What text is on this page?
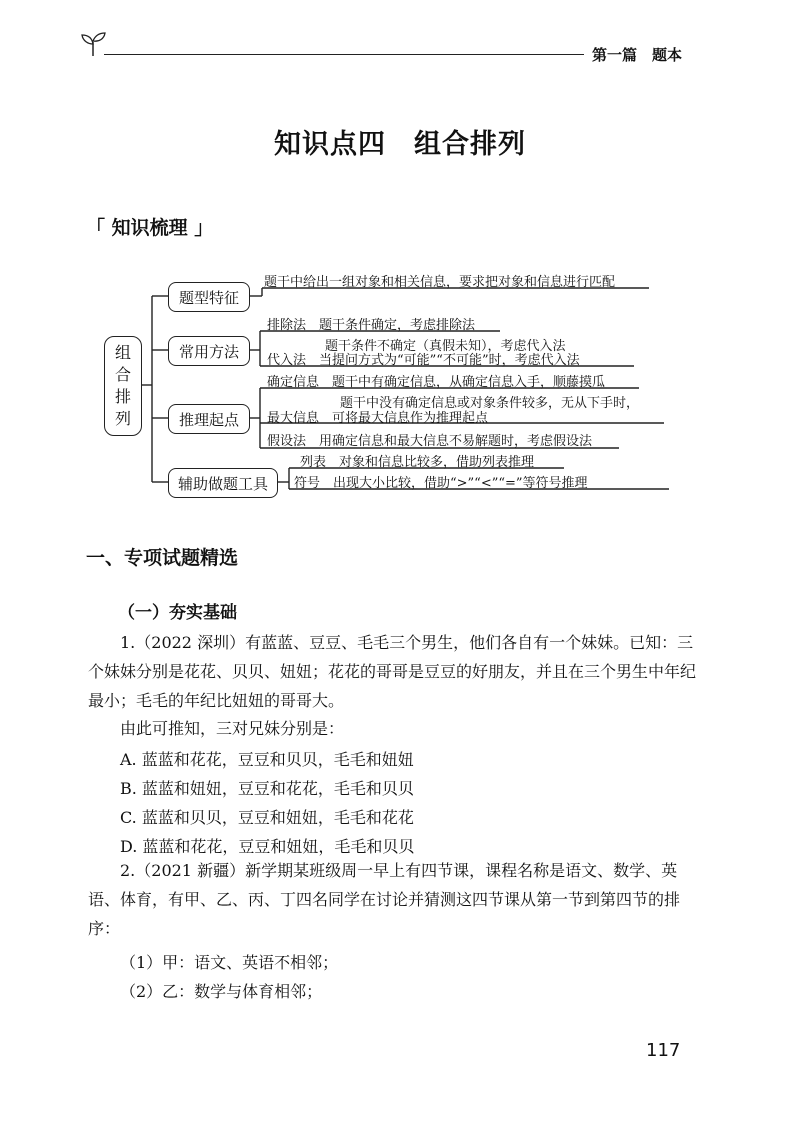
第一篇　题本
知识点四　组合排列
「 知识梳理 」
组
合
排
列
题型特征
常用方法
推理起点
辅助做题工具
题干中给出一组对象和相关信息，要求把对象和信息进行匹配
排除法　题干条件确定，考虑排除法
题干条件不确定（真假未知），考虑代入法
代入法　当提问方式为“可能”“不可能”时，考虑代入法
确定信息　题干中有确定信息，从确定信息入手，顺藤摸瓜
题干中没有确定信息或对象条件较多，无从下手时，
最大信息　可将最大信息作为推理起点
假设法　用确定信息和最大信息不易解题时，考虑假设法
列表　对象和信息比较多，借助列表推理
符号　出现大小比较，借助“>”“<”“=”等符号推理
一、专项试题精选
（一）夯实基础
1.（2022 深圳）有蓝蓝、豆豆、毛毛三个男生，他们各自有一个妹妹。已知：三个妹妹分别是花花、贝贝、妞妞；花花的哥哥是豆豆的好朋友，并且在三个男生中年纪最小；毛毛的年纪比妞妞的哥哥大。
由此可推知，三对兄妹分别是：
A. 蓝蓝和花花，豆豆和贝贝，毛毛和妞妞
B. 蓝蓝和妞妞，豆豆和花花，毛毛和贝贝
C. 蓝蓝和贝贝，豆豆和妞妞，毛毛和花花
D. 蓝蓝和花花，豆豆和妞妞，毛毛和贝贝
2.（2021 新疆）新学期某班级周一早上有四节课，课程名称是语文、数学、英语、体育，有甲、乙、丙、丁四名同学在讨论并猜测这四节课从第一节到第四节的排序：
（1）甲：语文、英语不相邻；
（2）乙：数学与体育相邻；
117
